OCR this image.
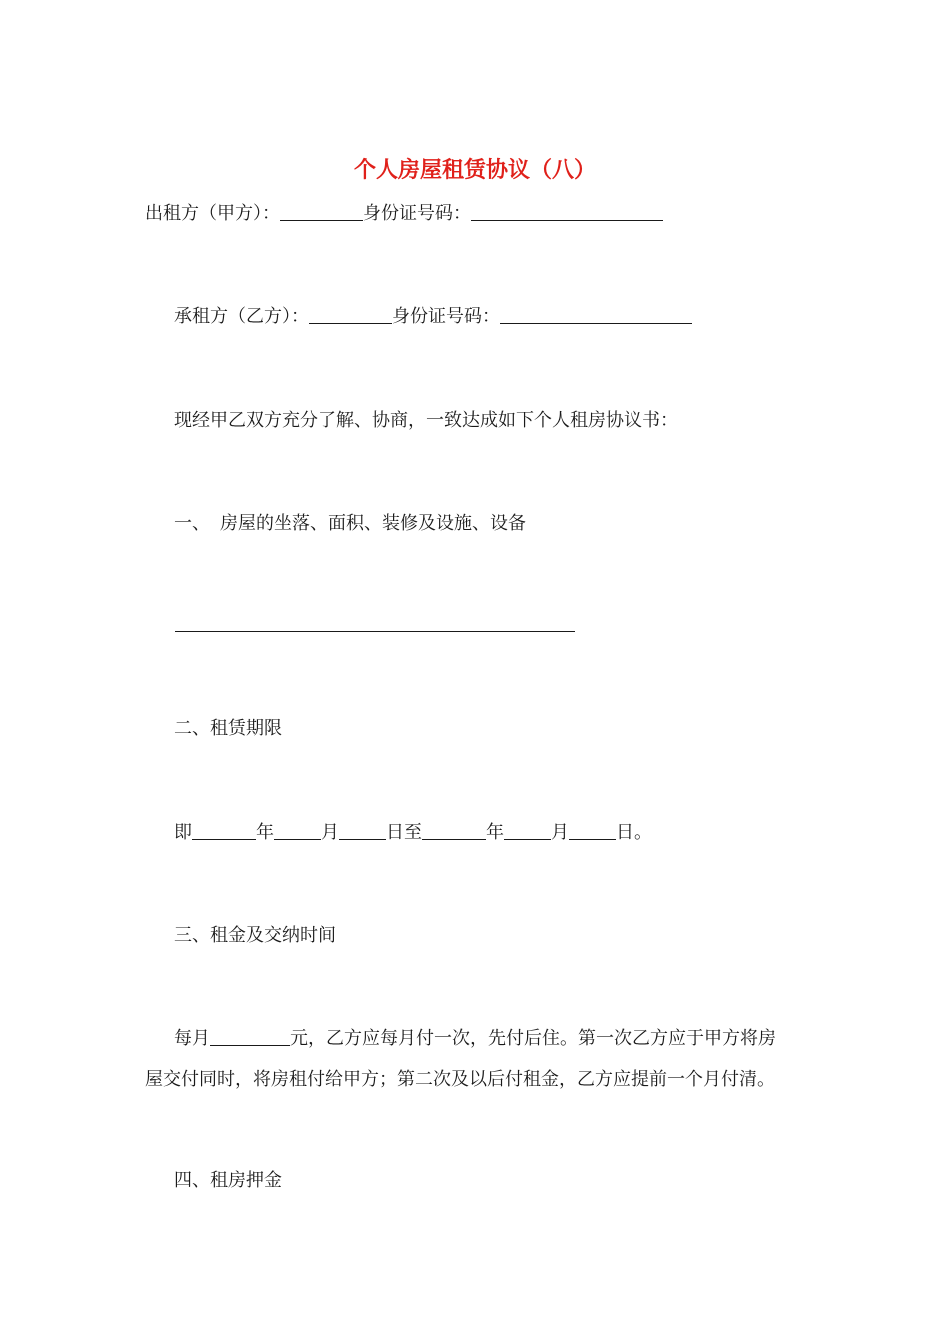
个人房屋租赁协议（八）
出租方（甲方）：	身份证号码：
承租方（乙方）：	身份证号码：
现经甲乙双方充分了解、协商，一致达成如下个人租房协议书：
一、 房屋的坐落、面积、装修及设施、设备
二、租赁期限
即	年	月	日至	年	月	日。
三、租金及交纳时间
每月	元，乙方应每月付一次，先付后住。第一次乙方应于甲方将房
屋交付同时，将房租付给甲方；第二次及以后付租金，乙方应提前一个月付清。
四、租房押金
